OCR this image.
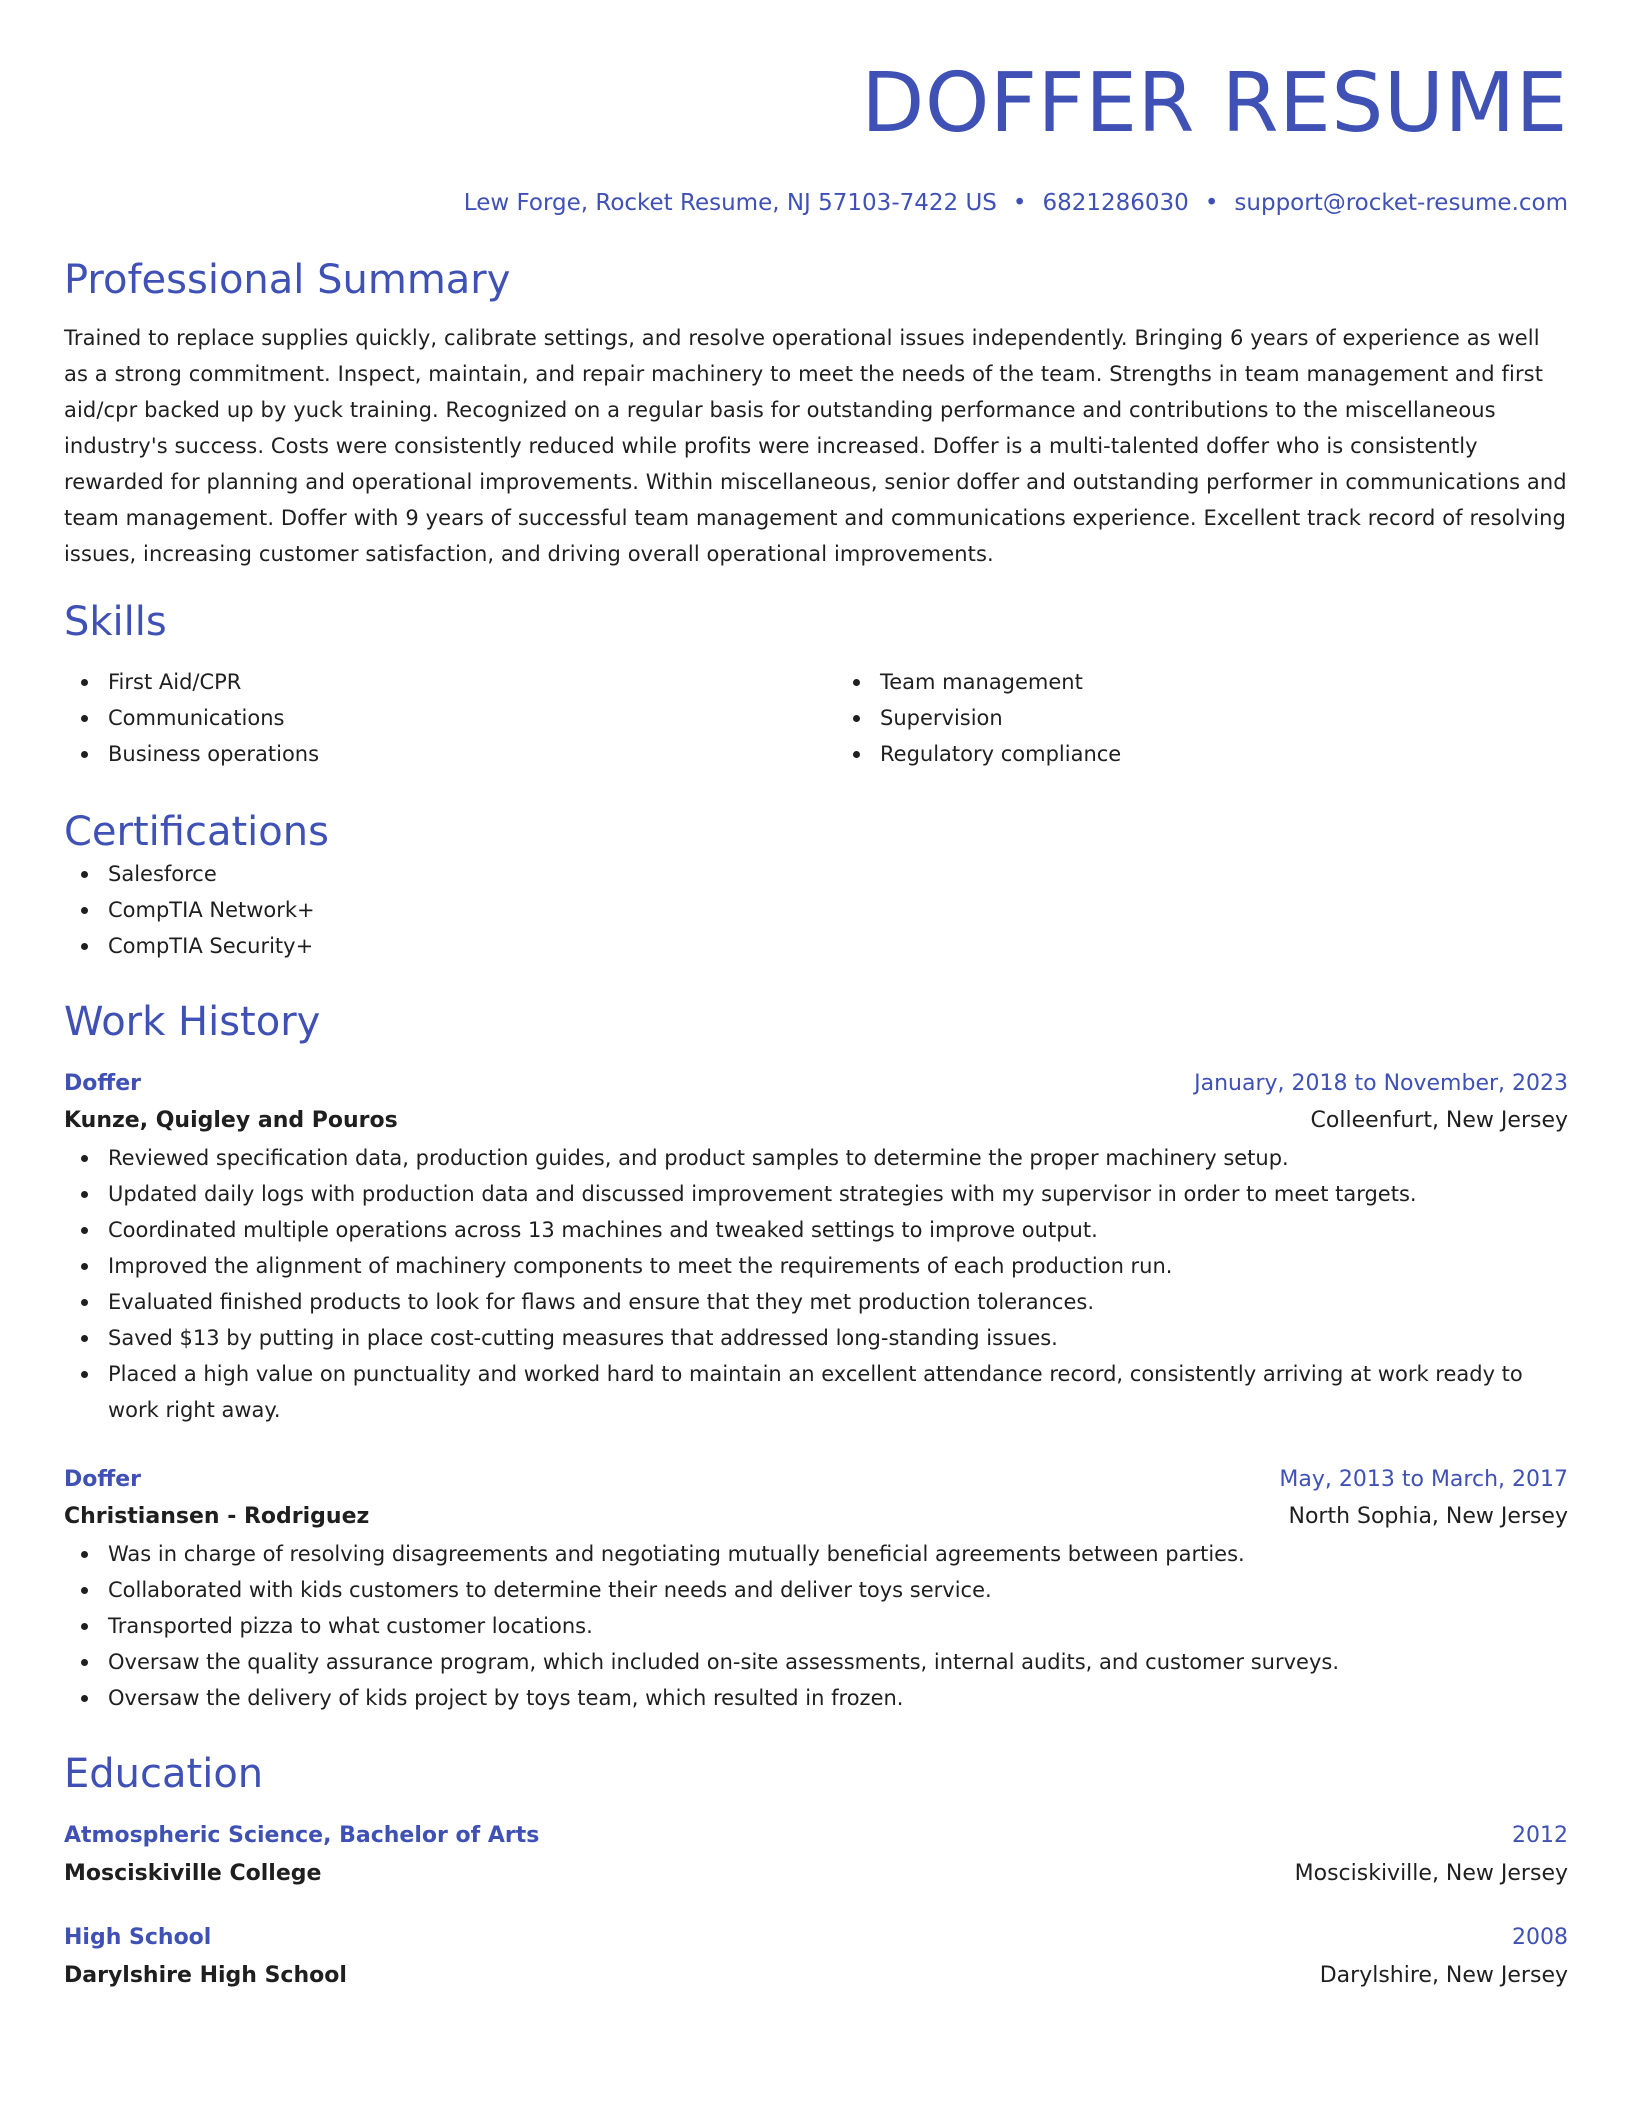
DOFFER RESUME
Lew Forge, Rocket Resume, NJ 57103-7422 US • 6821286030 • support@rocket-resume.com
Professional Summary

Trained to replace supplies quickly, calibrate settings, and resolve operational issues independently. Bringing 6 years of experience as well as a strong commitment. Inspect, maintain, and repair machinery to meet the needs of the team. Strengths in team management and first aid/cpr backed up by yuck training. Recognized on a regular basis for outstanding performance and contributions to the miscellaneous industry's success. Costs were consistently reduced while profits were increased. Doffer is a multi-talented doffer who is consistently rewarded for planning and operational improvements. Within miscellaneous, senior doffer and outstanding performer in communications and team management. Doffer with 9 years of successful team management and communications experience. Excellent track record of resolving issues, increasing customer satisfaction, and driving overall operational improvements.

Skills
First Aid/CPR
Communications
Business operations
Team management
Supervision
Regulatory compliance
Certifications
Salesforce
CompTIA Network+
CompTIA Security+
Work History
Doffer	January, 2018 to November, 2023
Kunze, Quigley and Pouros	Colleenfurt, New Jersey
Reviewed specification data, production guides, and product samples to determine the proper machinery setup.
Updated daily logs with production data and discussed improvement strategies with my supervisor in order to meet targets.
Coordinated multiple operations across 13 machines and tweaked settings to improve output.
Improved the alignment of machinery components to meet the requirements of each production run.
Evaluated finished products to look for flaws and ensure that they met production tolerances.
Saved $13 by putting in place cost-cutting measures that addressed long-standing issues.
Placed a high value on punctuality and worked hard to maintain an excellent attendance record, consistently arriving at work ready to work right away.
Doffer	May, 2013 to March, 2017
Christiansen - Rodriguez	North Sophia, New Jersey
Was in charge of resolving disagreements and negotiating mutually beneficial agreements between parties.
Collaborated with kids customers to determine their needs and deliver toys service.
Transported pizza to what customer locations.
Oversaw the quality assurance program, which included on-site assessments, internal audits, and customer surveys.
Oversaw the delivery of kids project by toys team, which resulted in frozen.
Education
Atmospheric Science, Bachelor of Arts	2012
Mosciskiville College	Mosciskiville, New Jersey
High School	2008
Darylshire High School	Darylshire, New Jersey
